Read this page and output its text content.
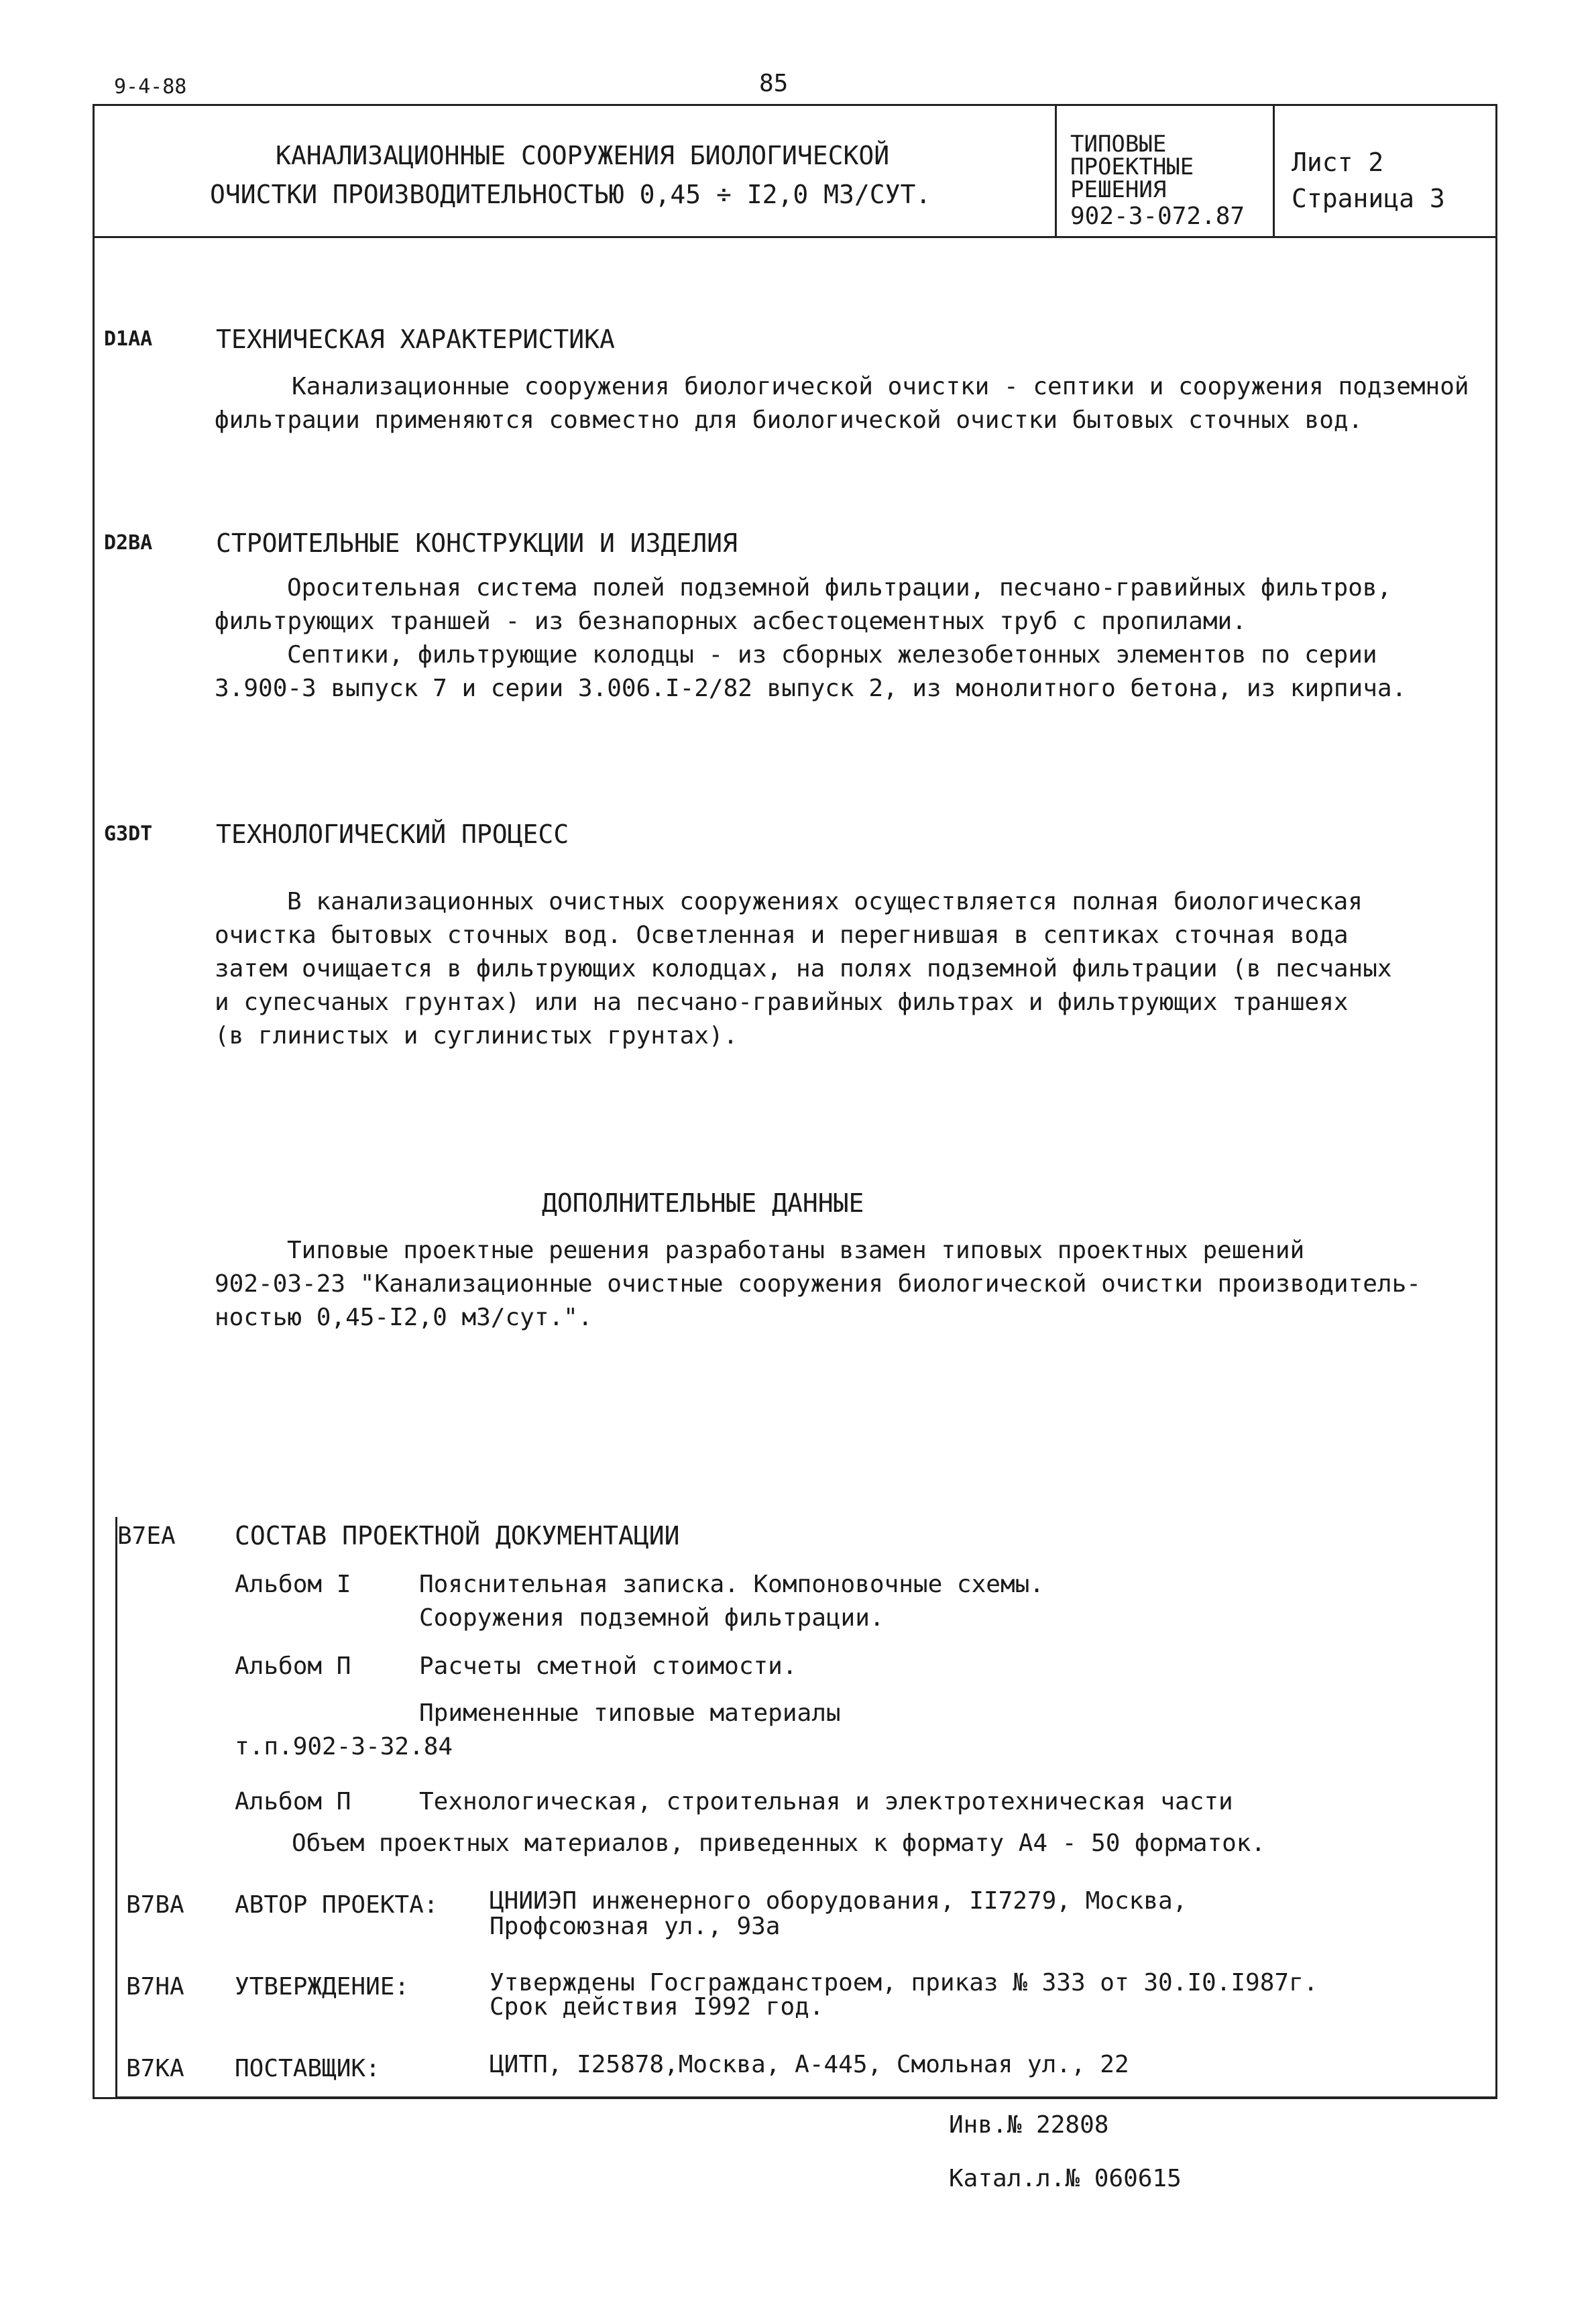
9-4-88	85
КАНАЛИЗАЦИОННЫЕ СООРУЖЕНИЯ БИОЛОГИЧЕСКОЙ
ОЧИСТКИ ПРОИЗВОДИТЕЛЬНОСТЬЮ 0,45 ÷ I2,0 М3/СУТ.
ТИПОВЫЕ
ПРОЕКТНЫЕ
РЕШЕНИЯ
902-3-072.87
Лист 2
Страница 3
D1AA ТЕХНИЧЕСКАЯ ХАРАКТЕРИСТИКА
Канализационные сооружения биологической очистки - септики и сооружения подземной
фильтрации применяются совместно для биологической очистки бытовых сточных вод.
D2BA СТРОИТЕЛЬНЫЕ КОНСТРУКЦИИ И ИЗДЕЛИЯ
Оросительная система полей подземной фильтрации, песчано-гравийных фильтров,
фильтрующих траншей - из безнапорных асбестоцементных труб с пропилами.
Септики, фильтрующие колодцы - из сборных железобетонных элементов по серии
3.900-3 выпуск 7 и серии 3.006.I-2/82 выпуск 2, из монолитного бетона, из кирпича.
G3DT ТЕХНОЛОГИЧЕСКИЙ ПРОЦЕСС
В канализационных очистных сооружениях осуществляется полная биологическая
очистка бытовых сточных вод. Осветленная и перегнившая в септиках сточная вода
затем очищается в фильтрующих колодцах, на полях подземной фильтрации (в песчаных
и супесчаных грунтах) или на песчано-гравийных фильтрах и фильтрующих траншеях
(в глинистых и суглинистых грунтах).
ДОПОЛНИТЕЛЬНЫЕ ДАННЫЕ
Типовые проектные решения разработаны взамен типовых проектных решений
902-03-23 "Канализационные очистные сооружения биологической очистки производитель-
ностью 0,45-I2,0 м3/сут.".
B7EA СОСТАВ ПРОЕКТНОЙ ДОКУМЕНТАЦИИ
Альбом I	Пояснительная записка. Компоновочные схемы.
Сооружения подземной фильтрации.
Альбом П	Расчеты сметной стоимости.
Примененные типовые материалы
т.п.902-3-32.84
Альбом П	Технологическая, строительная и электротехническая части
Объем проектных материалов, приведенных к формату А4 - 50 форматок.
B7BA АВТОР ПРОЕКТА: ЦНИИЭП инженерного оборудования, II7279, Москва,
Профсоюзная ул., 93а
B7HA УТВЕРЖДЕНИЕ:	Утверждены Госгражданстроем, приказ № 333 от 30.I0.I987г.
Срок действия I992 год.
B7KA ПОСТАВЩИК:	ЦИТП, I25878,Москва, А-445, Смольная ул., 22
Инв.№ 22808
Катал.л.№ 060615
